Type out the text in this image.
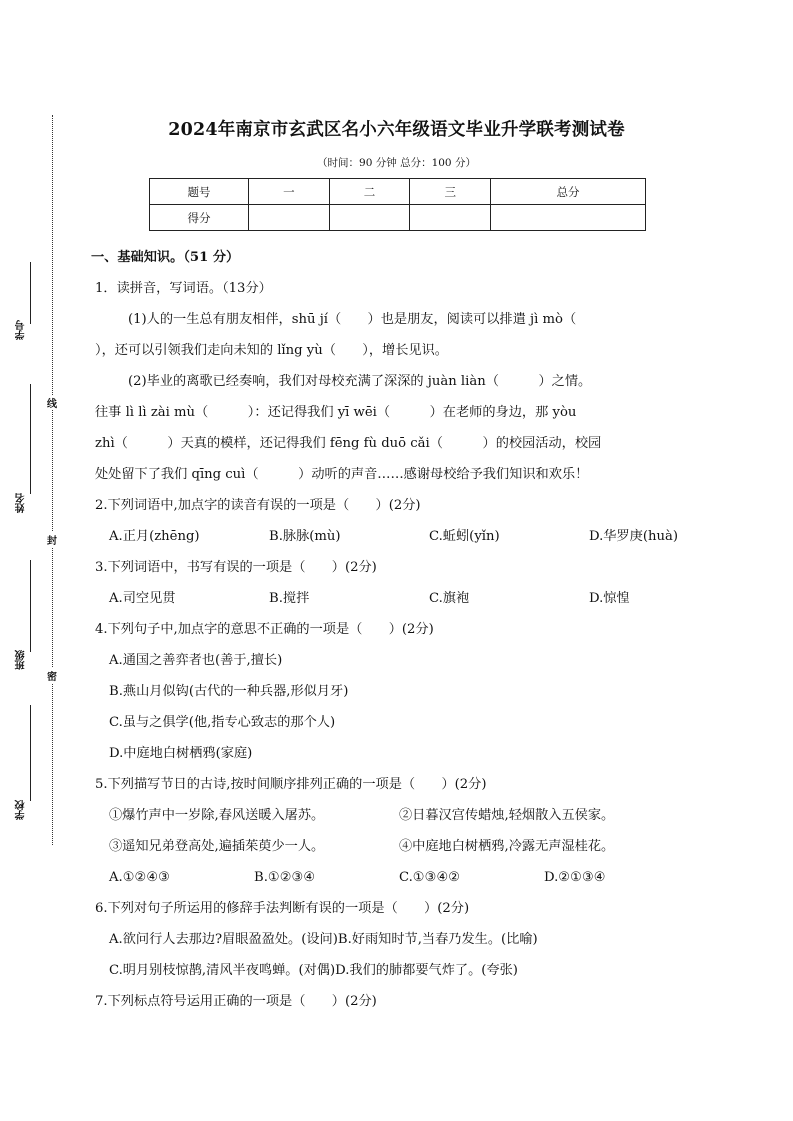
线
封
密
学号
姓名
班级
学校
2024年南京市玄武区名小六年级语文毕业升学联考测试卷
（时间：90 分钟 总分：100 分）
题号	一	二	三	总分
得分				
一、基础知识。（51 分）
1．读拼音，写词语。（13分）
(1)人的一生总有朋友相伴，shū jí（　　）也是朋友，阅读可以排遣 jì mò（
），还可以引领我们走向未知的 lǐng yù（　　），增长见识。
(2)毕业的离歌已经奏响，我们对母校充满了深深的 juàn liàn（　　　）之情。
往事 lì lì zài mù（　　　）：还记得我们 yī wēi（　　　）在老师的身边，那 yòu
zhì（　　　）天真的模样，还记得我们 fēng fù duō cǎi（　　　）的校园活动，校园
处处留下了我们 qīng cuì（　　　）动听的声音……感谢母校给予我们知识和欢乐！
2.下列词语中,加点字的读音有误的一项是（　　）(2分)
A.正月(zhēng)	B.脉脉(mù)	C.蚯蚓(yǐn)	D.华罗庚(huà)
3.下列词语中，书写有误的一项是（　　）(2分)
A.司空见贯	B.搅拌	C.旗袍	D.惊惶
4.下列句子中,加点字的意思不正确的一项是（　　）(2分)
A.通国之善弈者也(善于,擅长)
B.燕山月似钩(古代的一种兵器,形似月牙)
C.虽与之俱学(他,指专心致志的那个人)
D.中庭地白树栖鸦(家庭)
5.下列描写节日的古诗,按时间顺序排列正确的一项是（　　）(2分)
①爆竹声中一岁除,春风送暖入屠苏。	②日暮汉宫传蜡烛,轻烟散入五侯家。
③遥知兄弟登高处,遍插茱萸少一人。	④中庭地白树栖鸦,冷露无声湿桂花。
A.①②④③	B.①②③④	C.①③④②	D.②①③④
6.下列对句子所运用的修辞手法判断有误的一项是（　　）(2分)
A.欲问行人去那边?眉眼盈盈处。(设问)B.好雨知时节,当春乃发生。(比喻)
C.明月别枝惊鹊,清风半夜鸣蝉。(对偶)D.我们的肺都要气炸了。(夸张)
7.下列标点符号运用正确的一项是（　　）(2分)
